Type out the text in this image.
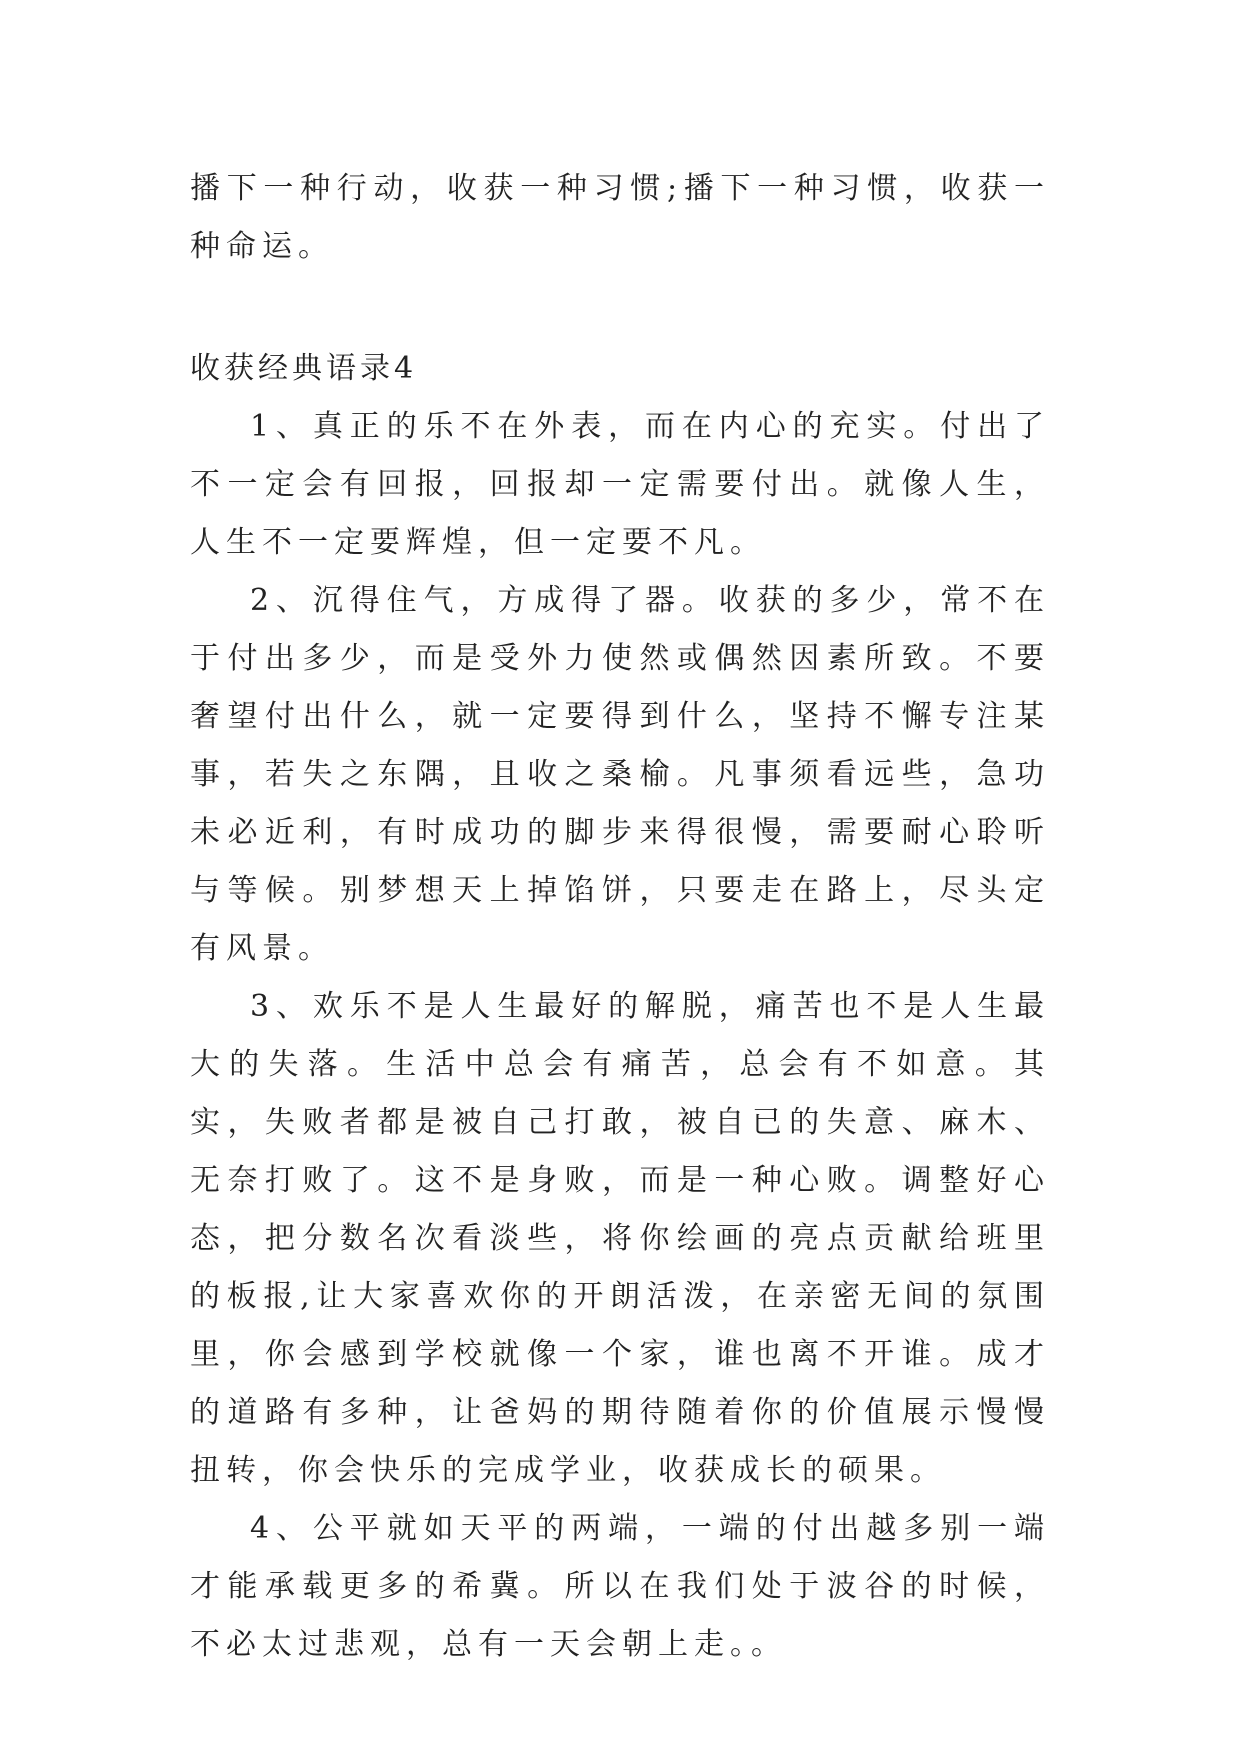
播下一种行动，收获一种习惯;播下一种习惯，收获一种命运。

收获经典语录4

1、真正的乐不在外表，而在内心的充实。付出了不一定会有回报，回报却一定需要付出。就像人生，人生不一定要辉煌，但一定要不凡。

2、沉得住气，方成得了器。收获的多少，常不在于付出多少，而是受外力使然或偶然因素所致。不要奢望付出什么，就一定要得到什么，坚持不懈专注某事，若失之东隅，且收之桑榆。凡事须看远些，急功未必近利，有时成功的脚步来得很慢，需要耐心聆听与等候。别梦想天上掉馅饼，只要走在路上，尽头定有风景。

3、欢乐不是人生最好的解脱，痛苦也不是人生最大的失落。生活中总会有痛苦，总会有不如意。其实，失败者都是被自己打敢，被自已的失意、麻木、无奈打败了。这不是身败，而是一种心败。调整好心态，把分数名次看淡些，将你绘画的亮点贡献给班里的板报,让大家喜欢你的开朗活泼，在亲密无间的氛围里，你会感到学校就像一个家，谁也离不开谁。成才的道路有多种，让爸妈的期待随着你的价值展示慢慢扭转，你会快乐的完成学业，收获成长的硕果。

4、公平就如天平的两端，一端的付出越多别一端才能承载更多的希冀。所以在我们处于波谷的时候，不必太过悲观，总有一天会朝上走。。
